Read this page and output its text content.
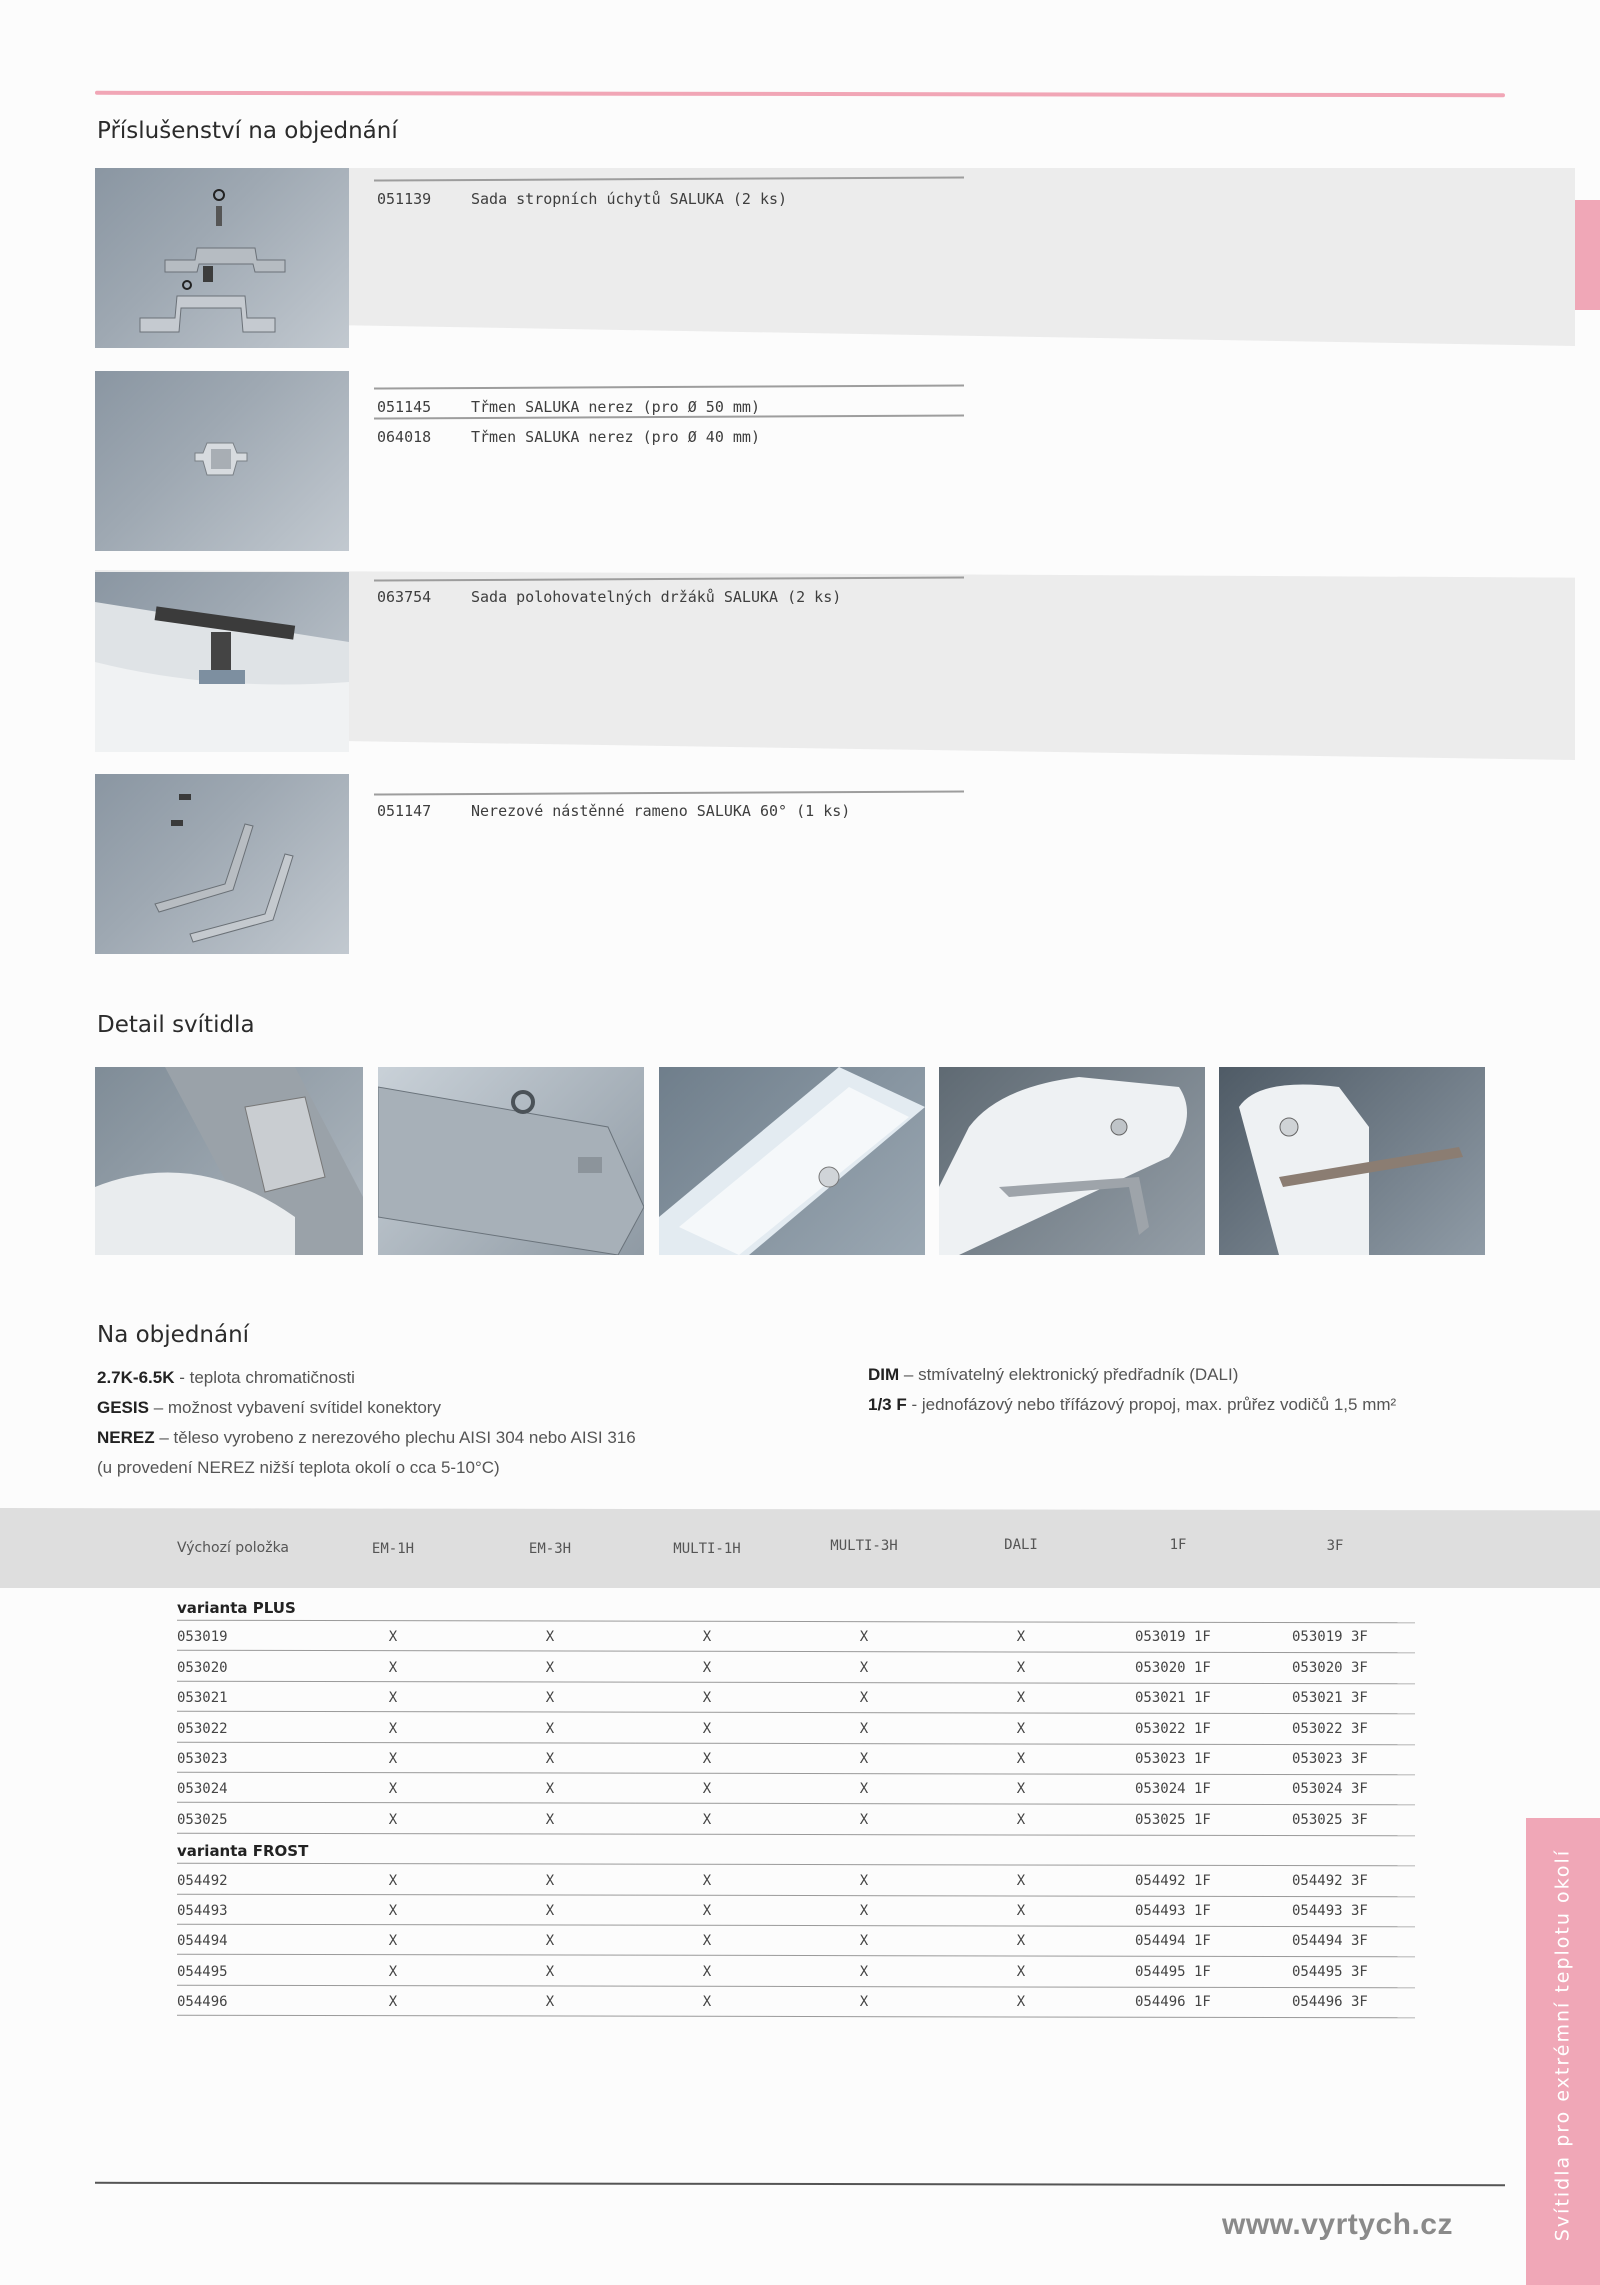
Svítidla pro extrémní teplotu okolí
Příslušenství na objednání
051139	Sada stropních úchytů SALUKA (2 ks)
051145	Třmen SALUKA nerez (pro Ø 50 mm)
064018	Třmen SALUKA nerez (pro Ø 40 mm)
063754	Sada polohovatelných držáků SALUKA (2 ks)
051147	Nerezové nástěnné rameno SALUKA 60° (1 ks)
Detail svítidla
Na objednání
2.7K-6.5K - teplota chromatičnosti
GESIS – možnost vybavení svítidel konektory
NEREZ – těleso vyrobeno z nerezového plechu AISI 304 nebo AISI 316
(u provedení NEREZ nižší teplota okolí o cca 5-10°C)
DIM – stmívatelný elektronický předřadník (DALI)
1/3 F - jednofázový nebo třífázový propoj, max. průřez vodičů 1,5 mm²
Výchozí položka	EM-1H	EM-3H	MULTI-1H	MULTI-3H	DALI	1F	3F
varianta PLUS
053019	X	X	X	X	X	053019 1F	053019 3F
053020	X	X	X	X	X	053020 1F	053020 3F
053021	X	X	X	X	X	053021 1F	053021 3F
053022	X	X	X	X	X	053022 1F	053022 3F
053023	X	X	X	X	X	053023 1F	053023 3F
053024	X	X	X	X	X	053024 1F	053024 3F
053025	X	X	X	X	X	053025 1F	053025 3F
varianta FROST
054492	X	X	X	X	X	054492 1F	054492 3F
054493	X	X	X	X	X	054493 1F	054493 3F
054494	X	X	X	X	X	054494 1F	054494 3F
054495	X	X	X	X	X	054495 1F	054495 3F
054496	X	X	X	X	X	054496 1F	054496 3F
www.vyrtych.cz
